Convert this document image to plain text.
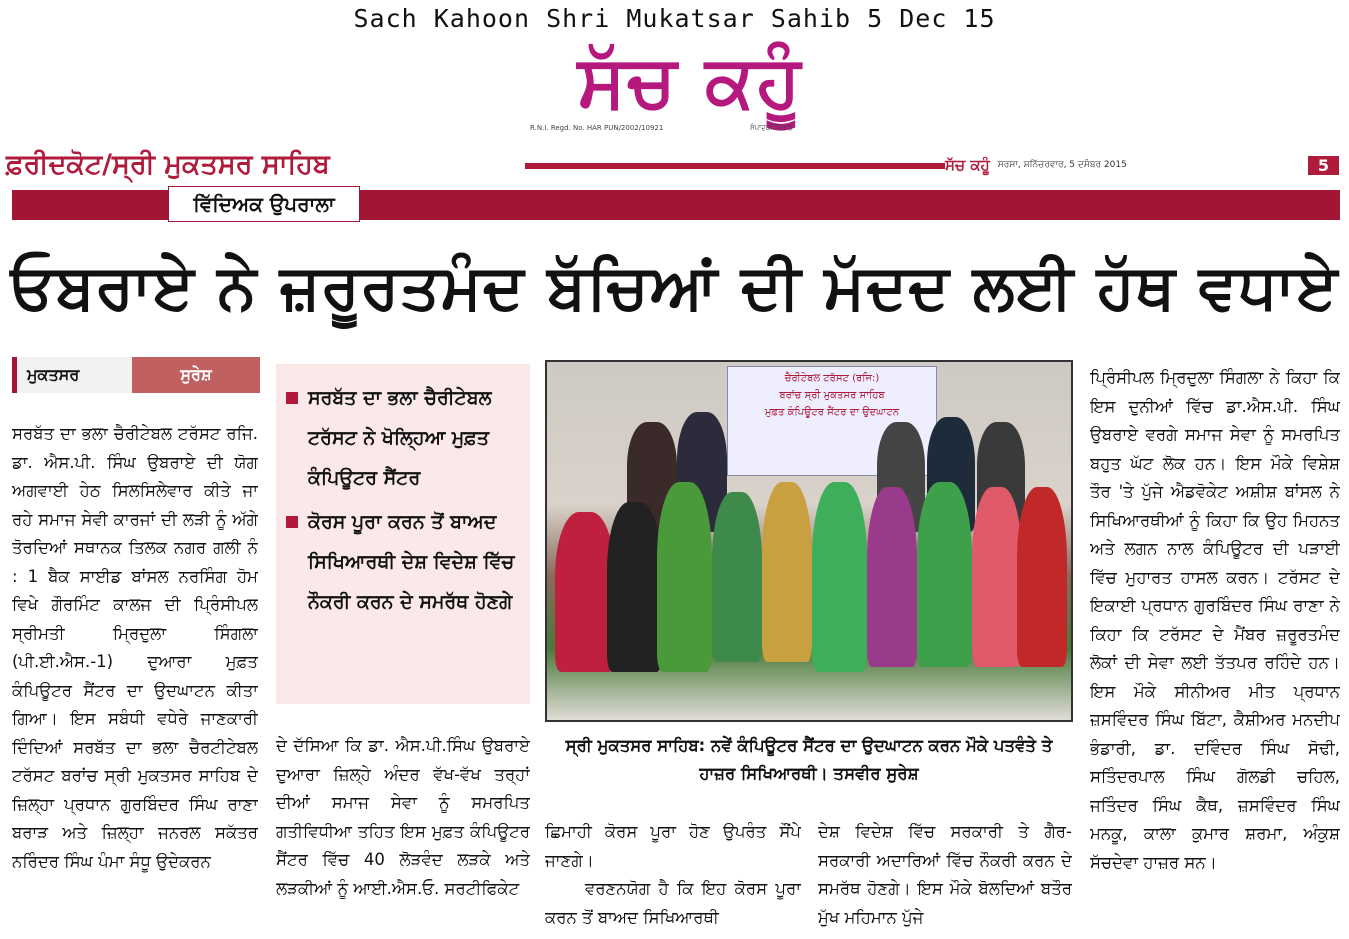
Sach Kahoon Shri Mukatsar Sahib 5 Dec 15
ਸੱਚ ਕਹੂੰ
R.N.I. Regd. No. HAR PUN/2002/10921	ਸੰਪਾਦਕੀ ਵਿਭਾਗ
ਫ਼ਰੀਦਕੋਟ/ਸ੍ਰੀ ਮੁਕਤਸਰ ਸਾਹਿਬ	ਸੱਚ ਕਹੂੰ ਸਰਸਾ, ਸ਼ਨਿੱਚਰਵਾਰ, 5 ਦਸੰਬਰ 2015	5
ਵਿੱਦਿਅਕ ਉਪਰਾਲਾ
ਓਬਰਾਏ ਨੇ ਜ਼ਰੂਰਤਮੰਦ ਬੱਚਿਆਂ ਦੀ ਮੱਦਦ ਲਈ ਹੱਥ ਵਧਾਏ
ਮੁਕਤਸਰ	ਸੁਰੇਸ਼

ਸਰਬੱਤ ਦਾ ਭਲਾ ਚੈਰੀਟੇਬਲ ਟਰੱਸਟ ਰਜਿ. ਡਾ. ਐਸ.ਪੀ. ਸਿੰਘ ਉਬਰਾਏ ਦੀ ਯੋਗ ਅਗਵਾਈ ਹੇਠ ਸਿਲਸਿਲੇਵਾਰ ਕੀਤੇ ਜਾ ਰਹੇ ਸਮਾਜ ਸੇਵੀ ਕਾਰਜਾਂ ਦੀ ਲੜੀ ਨੂੰ ਅੱਗੇ ਤੋਰਦਿਆਂ ਸਥਾਨਕ ਤਿਲਕ ਨਗਰ ਗਲੀ ਨੰ : 1 ਬੈਕ ਸਾਈਡ ਬਾਂਸਲ ਨਰਸਿੰਗ ਹੋਮ ਵਿਖੇ ਗੌਰਮਿੰਟ ਕਾਲਜ ਦੀ ਪ੍ਰਿੰਸੀਪਲ ਸ੍ਰੀਮਤੀ ਮ੍ਰਿਦੁਲਾ ਸਿੰਗਲਾ (ਪੀ.ਈ.ਐਸ.-1) ਦੁਆਰਾ ਮੁਫ਼ਤ ਕੰਪਿਊਟਰ ਸੈਂਟਰ ਦਾ ਉਦਘਾਟਨ ਕੀਤਾ ਗਿਆ। ਇਸ ਸਬੰਧੀ ਵਧੇਰੇ ਜਾਣਕਾਰੀ ਦਿੰਦਿਆਂ ਸਰਬੱਤ ਦਾ ਭਲਾ ਚੈਰਟੀਟੇਬਲ ਟਰੱਸਟ ਬਰਾਂਚ ਸ੍ਰੀ ਮੁਕਤਸਰ ਸਾਹਿਬ ਦੇ ਜ਼ਿਲ੍ਹਾ ਪ੍ਰਧਾਨ ਗੁਰਬਿੰਦਰ ਸਿੰਘ ਰਾਣਾ ਬਰਾੜ ਅਤੇ ਜ਼ਿਲ੍ਹਾ ਜਨਰਲ ਸਕੱਤਰ ਨਰਿੰਦਰ ਸਿੰਘ ਪੰਮਾ ਸੰਧੂ ਉਦੇਕਰਨ

ਸਰਬੱਤ ਦਾ ਭਲਾ ਚੈਰੀਟੇਬਲ ਟਰੱਸਟ ਨੇ ਖੋਲ੍ਹਿਆ ਮੁਫ਼ਤ ਕੰਪਿਊਟਰ ਸੈਂਟਰ
ਕੋਰਸ ਪੂਰਾ ਕਰਨ ਤੋਂ ਬਾਅਦ ਸਿਖਿਆਰਥੀ ਦੇਸ਼ ਵਿਦੇਸ਼ ਵਿੱਚ ਨੌਕਰੀ ਕਰਨ ਦੇ ਸਮਰੱਥ ਹੋਣਗੇ

ਦੇ ਦੱਸਿਆ ਕਿ ਡਾ. ਐਸ.ਪੀ.ਸਿੰਘ ਉਬਰਾਏ ਦੁਆਰਾ ਜ਼ਿਲ੍ਹੇ ਅੰਦਰ ਵੱਖ-ਵੱਖ ਤਰ੍ਹਾਂ ਦੀਆਂ ਸਮਾਜ ਸੇਵਾ ਨੂੰ ਸਮਰਪਿਤ ਗਤੀਵਿਧੀਆ ਤਹਿਤ ਇਸ ਮੁਫ਼ਤ ਕੰਪਿਊਟਰ ਸੈਂਟਰ ਵਿੱਚ 40 ਲੋੜਵੰਦ ਲੜਕੇ ਅਤੇ ਲੜਕੀਆਂ ਨੂੰ ਆਈ.ਐਸ.ਓ. ਸਰਟੀਫਿਕੇਟ

ਚੈਰੀਟੇਬਲ ਟਰੱਸਟ (ਰਜਿ:)
ਬਰਾਂਚ ਸ੍ਰੀ ਮੁਕਤਸਰ ਸਾਹਿਬ
ਮੁਫ਼ਤ ਕੰਪਿਊਟਰ ਸੈਂਟਰ ਦਾ ਉਦਘਾਟਨ
ਸ੍ਰੀ ਮੁਕਤਸਰ ਸਾਹਿਬ: ਨਵੇਂ ਕੰਪਿਊਟਰ ਸੈਂਟਰ ਦਾ ਉਦਘਾਟਨ ਕਰਨ ਮੌਕੇ ਪਤਵੰਤੇ ਤੇ ਹਾਜ਼ਰ ਸਿਖਿਆਰਥੀ। ਤਸਵੀਰ ਸੁਰੇਸ਼

ਛਿਮਾਹੀ ਕੋਰਸ ਪੂਰਾ ਹੋਣ ਉਪਰੰਤ ਸੌਂਪੇ ਜਾਣਗੇ।

ਵਰਣਨਯੋਗ ਹੈ ਕਿ ਇਹ ਕੋਰਸ ਪੂਰਾ ਕਰਨ ਤੋਂ ਬਾਅਦ ਸਿਖਿਆਰਥੀ

ਦੇਸ਼ ਵਿਦੇਸ਼ ਵਿੱਚ ਸਰਕਾਰੀ ਤੇ ਗੈਰ-ਸਰਕਾਰੀ ਅਦਾਰਿਆਂ ਵਿੱਚ ਨੌਕਰੀ ਕਰਨ ਦੇ ਸਮਰੱਥ ਹੋਣਗੇ। ਇਸ ਮੌਕੇ ਬੋਲਦਿਆਂ ਬਤੌਰ ਮੁੱਖ ਮਹਿਮਾਨ ਪੁੱਜੇ

ਪ੍ਰਿੰਸੀਪਲ ਮ੍ਰਿਦੁਲਾ ਸਿੰਗਲਾ ਨੇ ਕਿਹਾ ਕਿ ਇਸ ਦੁਨੀਆਂ ਵਿੱਚ ਡਾ.ਐਸ.ਪੀ. ਸਿੰਘ ਉਬਰਾਏ ਵਰਗੇ ਸਮਾਜ ਸੇਵਾ ਨੂੰ ਸਮਰਪਿਤ ਬਹੁਤ ਘੱਟ ਲੋਕ ਹਨ। ਇਸ ਮੌਕੇ ਵਿਸ਼ੇਸ਼ ਤੌਰ 'ਤੇ ਪੁੱਜੇ ਐਡਵੋਕੇਟ ਅਸ਼ੀਸ਼ ਬਾਂਸਲ ਨੇ ਸਿਖਿਆਰਥੀਆਂ ਨੂੰ ਕਿਹਾ ਕਿ ਉਹ ਮਿਹਨਤ ਅਤੇ ਲਗਨ ਨਾਲ ਕੰਪਿਊਟਰ ਦੀ ਪੜਾਈ ਵਿੱਚ ਮੁਹਾਰਤ ਹਾਸਲ ਕਰਨ। ਟਰੱਸਟ ਦੇ ਇਕਾਈ ਪ੍ਰਧਾਨ ਗੁਰਬਿੰਦਰ ਸਿੰਘ ਰਾਣਾ ਨੇ ਕਿਹਾ ਕਿ ਟਰੱਸਟ ਦੇ ਮੈਂਬਰ ਜ਼ਰੂਰਤਮੰਦ ਲੋਕਾਂ ਦੀ ਸੇਵਾ ਲਈ ਤੱਤਪਰ ਰਹਿੰਦੇ ਹਨ। ਇਸ ਮੌਕੇ ਸੀਨੀਅਰ ਮੀਤ ਪ੍ਰਧਾਨ ਜ਼ਸਵਿੰਦਰ ਸਿੰਘ ਬਿੱਟਾ, ਕੈਸ਼ੀਅਰ ਮਨਦੀਪ ਭੰਡਾਰੀ, ਡਾ. ਦਵਿੰਦਰ ਸਿੰਘ ਸੋਢੀ, ਸਤਿੰਦਰਪਾਲ ਸਿੰਘ ਗੋਲਡੀ ਚਹਿਲ, ਜਤਿੰਦਰ ਸਿੰਘ ਕੈਥ, ਜ਼ਸਵਿੰਦਰ ਸਿੰਘ ਮਨਕੂ, ਕਾਲਾ ਕੁਮਾਰ ਸ਼ਰਮਾ, ਅੰਕੁਸ਼ ਸੱਚਦੇਵਾ ਹਾਜ਼ਰ ਸਨ।
